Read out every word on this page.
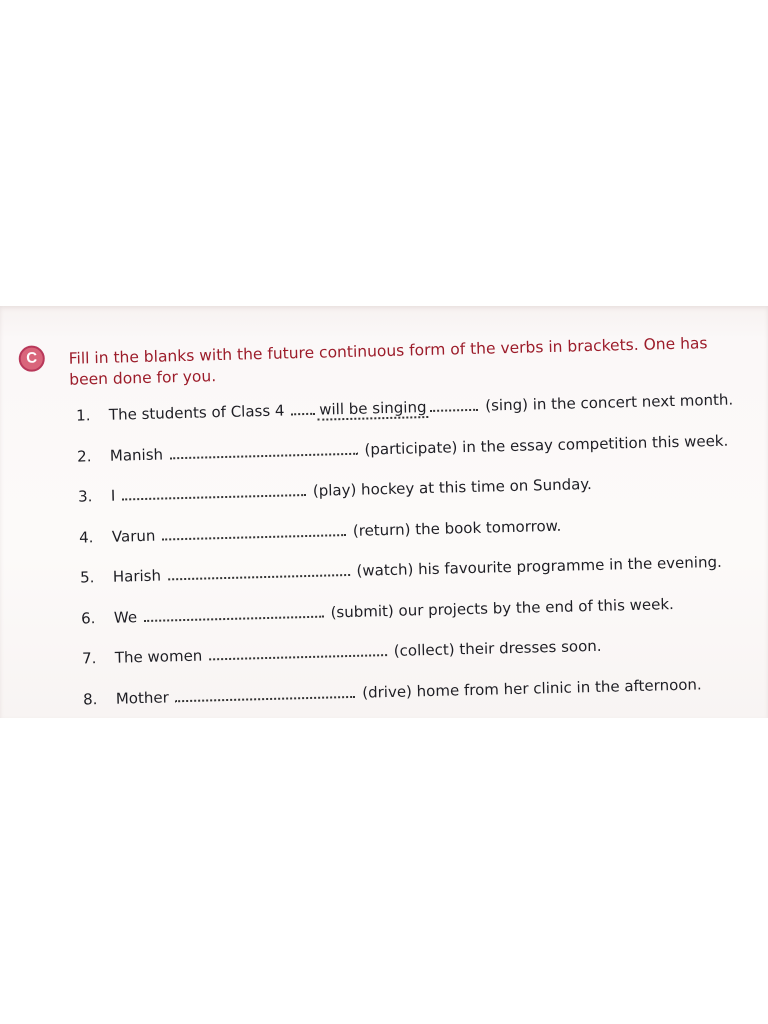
C	Fill in the blanks with the future continuous form of the verbs in brackets. One has
been done for you.

1. The students of Class 4 will be singing	(sing) in the concert next month.
2. Manish	(participate) in the essay competition this week.
3. I	(play) hockey at this time on Sunday.
4. Varun	(return) the book tomorrow.
5. Harish	(watch) his favourite programme in the evening.
6. We	(submit) our projects by the end of this week.
7. The women	(collect) their dresses soon.
8. Mother	(drive) home from her clinic in the afternoon.
